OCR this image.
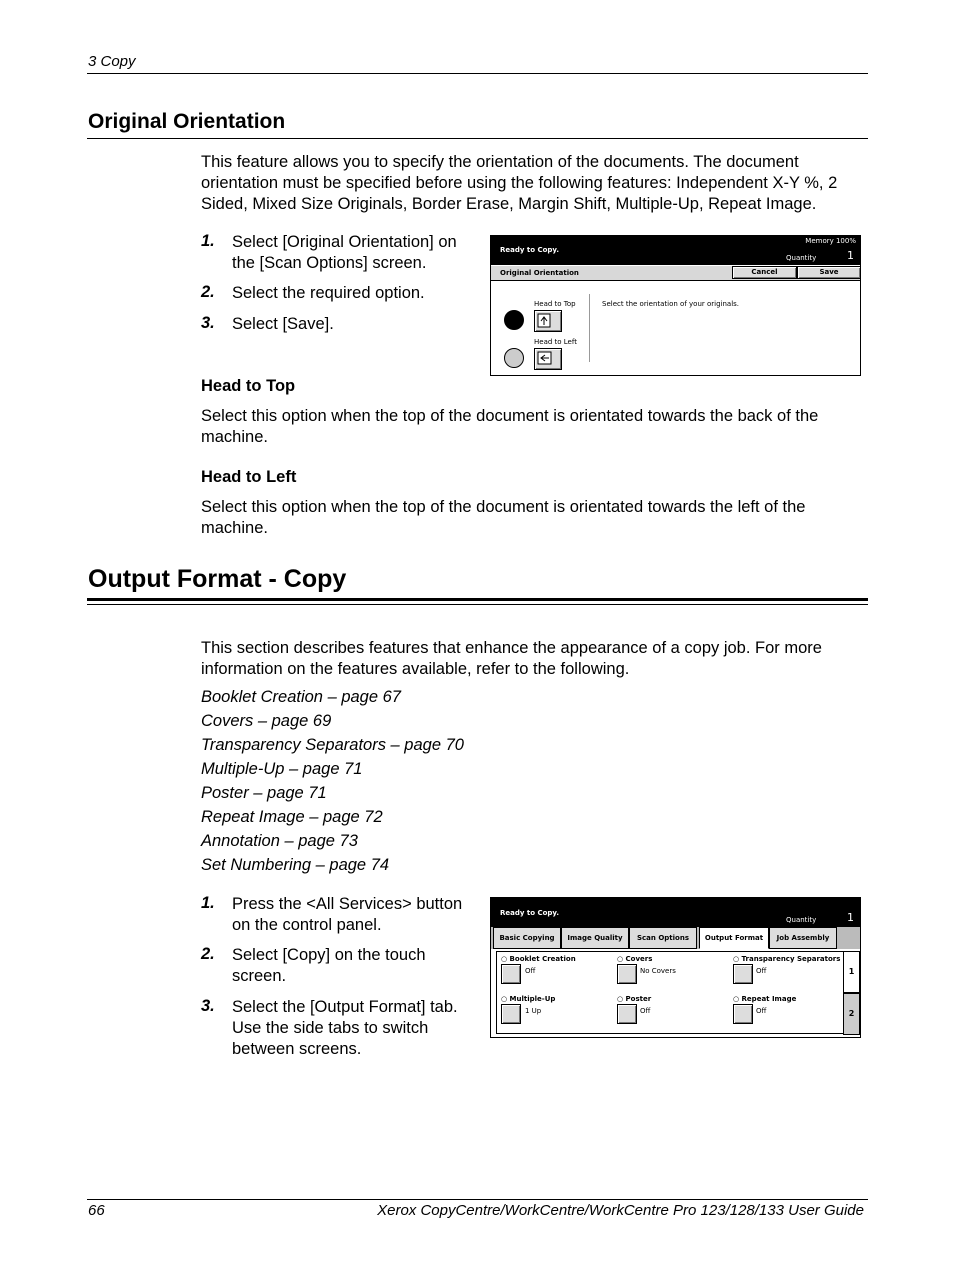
3 Copy
Original Orientation
This feature allows you to specify the orientation of the documents. The document orientation must be specified before using the following features: Independent X-Y %, 2 Sided, Mixed Size Originals, Border Erase, Margin Shift, Multiple-Up, Repeat Image.
1. Select [Original Orientation] on the [Scan Options] screen.
2. Select the required option.
3. Select [Save].
Ready to Copy.
Memory 100%
Quantity	1
Original Orientation	Cancel	Save
Select the orientation of your originals.
Head to Top
Head to Left
Head to Top
Select this option when the top of the document is orientated towards the back of the machine.
Head to Left
Select this option when the top of the document is orientated towards the left of the machine.
Output Format - Copy
This section describes features that enhance the appearance of a copy job. For more information on the features available, refer to the following.
Booklet Creation – page 67
Covers – page 69
Transparency Separators – page 70
Multiple-Up – page 71
Poster – page 71
Repeat Image – page 72
Annotation – page 73
Set Numbering – page 74
1. Press the <All Services> button on the control panel.
2. Select [Copy] on the touch screen.
3. Select the [Output Format] tab. Use the side tabs to switch between screens.
Ready to Copy.
Quantity	1
Basic Copying	Image Quality	Scan Options	Output Format	Job Assembly
○ Booklet Creation
Off
○ Covers
No Covers
○ Transparency Separators
Off
○ Multiple-Up
1 Up
○ Poster
Off
○ Repeat Image
Off
1
2
66	Xerox CopyCentre/WorkCentre/WorkCentre Pro 123/128/133 User Guide
